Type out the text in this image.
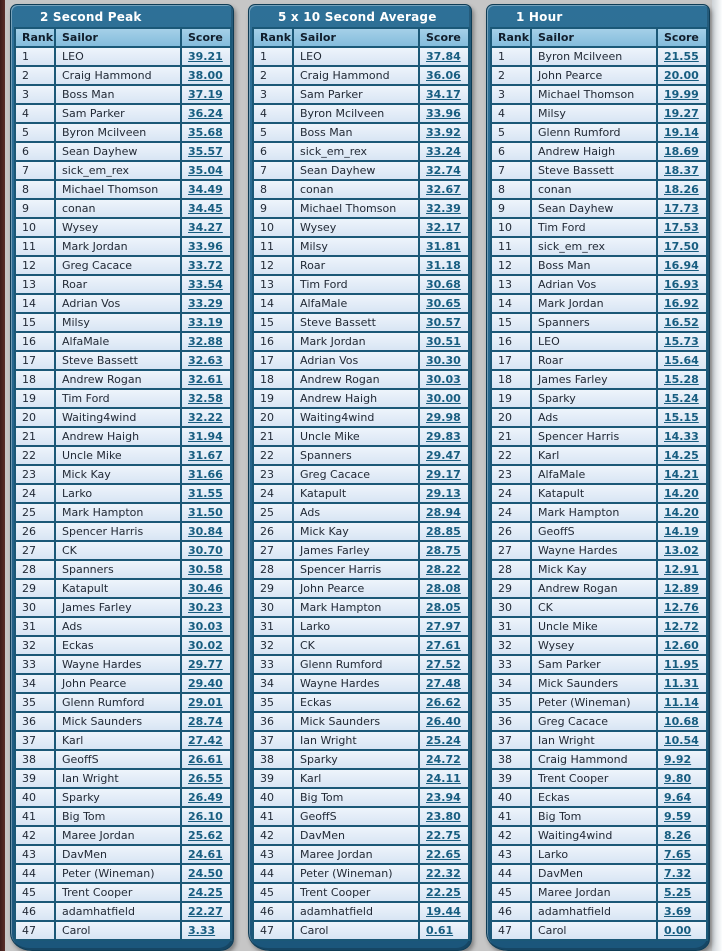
2 Second Peak
Rank	Sailor	Score
1	LEO	39.21
2	Craig Hammond	38.00
3	Boss Man	37.19
4	Sam Parker	36.24
5	Byron Mcilveen	35.68
6	Sean Dayhew	35.57
7	sick_em_rex	35.04
8	Michael Thomson	34.49
9	conan	34.45
10	Wysey	34.27
11	Mark Jordan	33.96
12	Greg Cacace	33.72
13	Roar	33.54
14	Adrian Vos	33.29
15	Milsy	33.19
16	AlfaMale	32.88
17	Steve Bassett	32.63
18	Andrew Rogan	32.61
19	Tim Ford	32.58
20	Waiting4wind	32.22
21	Andrew Haigh	31.94
22	Uncle Mike	31.67
23	Mick Kay	31.66
24	Larko	31.55
25	Mark Hampton	31.50
26	Spencer Harris	30.84
27	CK	30.70
28	Spanners	30.58
29	Katapult	30.46
30	James Farley	30.23
31	Ads	30.03
32	Eckas	30.02
33	Wayne Hardes	29.77
34	John Pearce	29.40
35	Glenn Rumford	29.01
36	Mick Saunders	28.74
37	Karl	27.42
38	GeoffS	26.61
39	Ian Wright	26.55
40	Sparky	26.49
41	Big Tom	26.10
42	Maree Jordan	25.62
43	DavMen	24.61
44	Peter (Wineman)	24.50
45	Trent Cooper	24.25
46	adamhatfield	22.27
47	Carol	3.33
5 x 10 Second Average
Rank	Sailor	Score
1	LEO	37.84
2	Craig Hammond	36.06
3	Sam Parker	34.17
4	Byron Mcilveen	33.96
5	Boss Man	33.92
6	sick_em_rex	33.24
7	Sean Dayhew	32.74
8	conan	32.67
9	Michael Thomson	32.39
10	Wysey	32.17
11	Milsy	31.81
12	Roar	31.18
13	Tim Ford	30.68
14	AlfaMale	30.65
15	Steve Bassett	30.57
16	Mark Jordan	30.51
17	Adrian Vos	30.30
18	Andrew Rogan	30.03
19	Andrew Haigh	30.00
20	Waiting4wind	29.98
21	Uncle Mike	29.83
22	Spanners	29.47
23	Greg Cacace	29.17
24	Katapult	29.13
25	Ads	28.94
26	Mick Kay	28.85
27	James Farley	28.75
28	Spencer Harris	28.22
29	John Pearce	28.08
30	Mark Hampton	28.05
31	Larko	27.97
32	CK	27.61
33	Glenn Rumford	27.52
34	Wayne Hardes	27.48
35	Eckas	26.62
36	Mick Saunders	26.40
37	Ian Wright	25.24
38	Sparky	24.72
39	Karl	24.11
40	Big Tom	23.94
41	GeoffS	23.80
42	DavMen	22.75
43	Maree Jordan	22.65
44	Peter (Wineman)	22.32
45	Trent Cooper	22.25
46	adamhatfield	19.44
47	Carol	0.61
1 Hour
Rank	Sailor	Score
1	Byron Mcilveen	21.55
2	John Pearce	20.00
3	Michael Thomson	19.99
4	Milsy	19.27
5	Glenn Rumford	19.14
6	Andrew Haigh	18.69
7	Steve Bassett	18.37
8	conan	18.26
9	Sean Dayhew	17.73
10	Tim Ford	17.53
11	sick_em_rex	17.50
12	Boss Man	16.94
13	Adrian Vos	16.93
14	Mark Jordan	16.92
15	Spanners	16.52
16	LEO	15.73
17	Roar	15.64
18	James Farley	15.28
19	Sparky	15.24
20	Ads	15.15
21	Spencer Harris	14.33
22	Karl	14.25
23	AlfaMale	14.21
24	Katapult	14.20
24	Mark Hampton	14.20
26	GeoffS	14.19
27	Wayne Hardes	13.02
28	Mick Kay	12.91
29	Andrew Rogan	12.89
30	CK	12.76
31	Uncle Mike	12.72
32	Wysey	12.60
33	Sam Parker	11.95
34	Mick Saunders	11.31
35	Peter (Wineman)	11.14
36	Greg Cacace	10.68
37	Ian Wright	10.54
38	Craig Hammond	9.92
39	Trent Cooper	9.80
40	Eckas	9.64
41	Big Tom	9.59
42	Waiting4wind	8.26
43	Larko	7.65
44	DavMen	7.32
45	Maree Jordan	5.25
46	adamhatfield	3.69
47	Carol	0.00
